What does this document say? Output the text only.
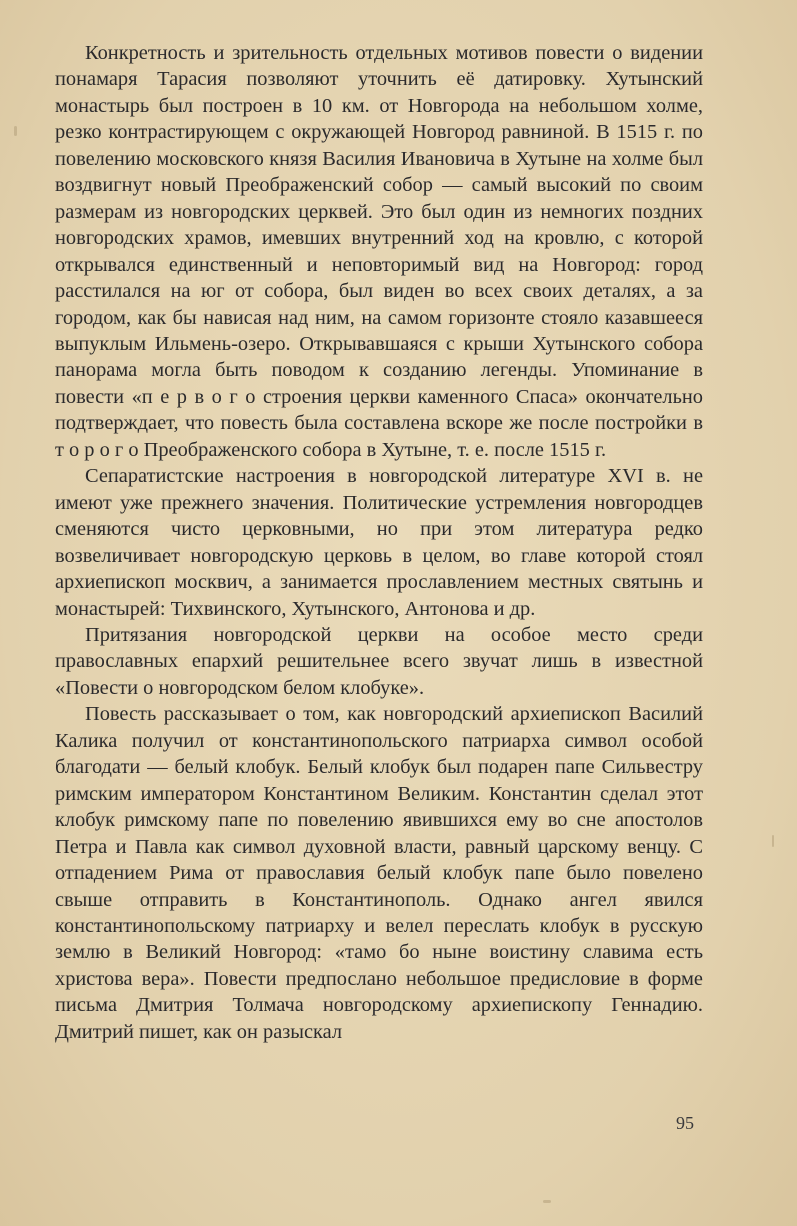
Конкретность и зрительность отдельных мотивов повести о видении понамаря Тарасия позволяют уточнить её датировку. Хутынский монастырь был построен в 10 км. от Новгорода на небольшом холме, резко контрастирующем с окружающей Новгород равниной. В 1515 г. по повелению московского князя Василия Ивановича в Хутыне на холме был воздвигнут новый Преображенский собор — самый высокий по своим размерам из новгородских церквей. Это был один из немногих поздних новгородских храмов, имевших внутренний ход на кровлю, с которой открывался единственный и неповторимый вид на Новгород: город расстилался на юг от собора, был виден во всех своих деталях, а за городом, как бы нависая над ним, на самом горизонте стояло казавшееся выпуклым Ильмень-озеро. Открывавшаяся с крыши Хутынского собора панорама могла быть поводом к созданию легенды. Упоминание в повести «п е р в о г о строения церкви каменного Спаса» окончательно подтверждает, что повесть была составлена вскоре же после постройки в т о р о г о Преображенского собора в Хутыне, т. е. после 1515 г.

Сепаратистские настроения в новгородской литературе XVI в. не имеют уже прежнего значения. Политические устремления новгородцев сменяются чисто церковными, но при этом литература редко возвеличивает новгородскую церковь в целом, во главе которой стоял архиепископ москвич, а занимается прославлением местных святынь и монастырей: Тихвинского, Хутынского, Антонова и др.

Притязания новгородской церкви на особое место среди православных епархий решительнее всего звучат лишь в известной «Повести о новгородском белом клобуке».

Повесть рассказывает о том, как новгородский архиепископ Василий Калика получил от константинопольского патриарха символ особой благодати — белый клобук. Белый клобук был подарен папе Сильвестру римским императором Константином Великим. Константин сделал этот клобук римскому папе по повелению явившихся ему во сне апостолов Петра и Павла как символ духовной власти, равный царскому венцу. С отпадением Рима от православия белый клобук папе было повелено свыше отправить в Константинополь. Однако ангел явился константинопольскому патриарху и велел переслать клобук в русскую землю в Великий Новгород: «тамо бо ныне воистину славима есть христова вера». Повести предпослано небольшое предисловие в форме письма Дмитрия Толмача новгородскому архиепископу Геннадию. Дмитрий пишет, как он разыскал

95
